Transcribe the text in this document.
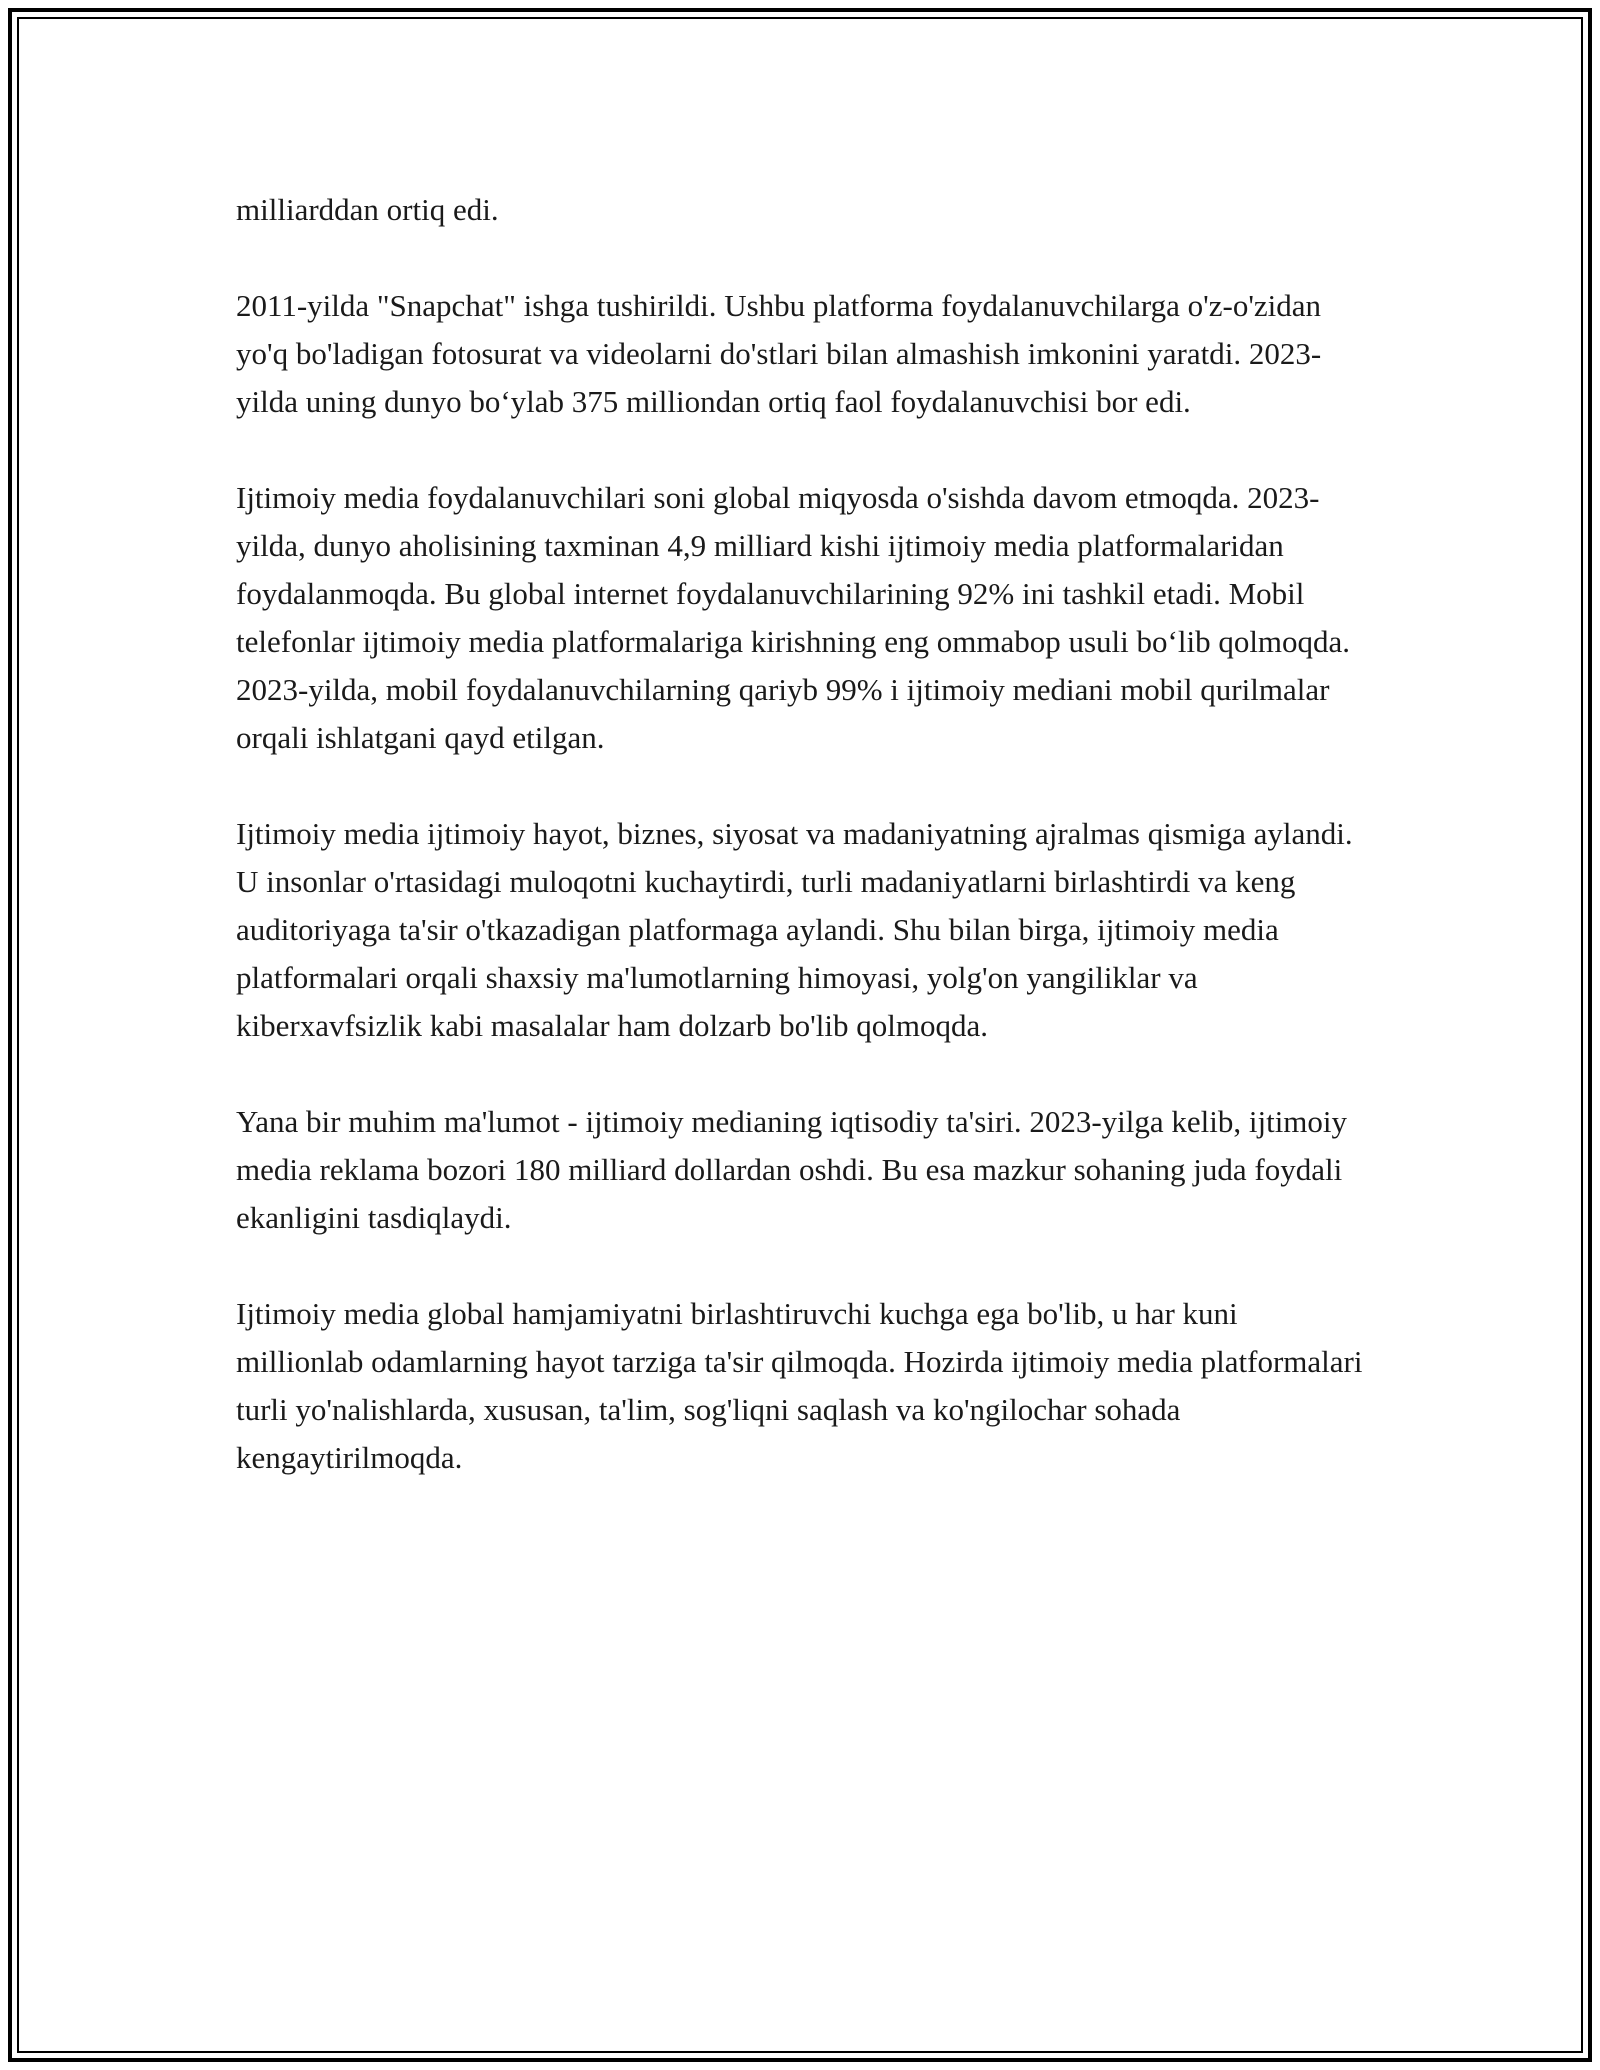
milliarddan ortiq edi.

2011-yilda "Snapchat" ishga tushirildi. Ushbu platforma foydalanuvchilarga o'z-o'zidan yo'q bo'ladigan fotosurat va videolarni do'stlari bilan almashish imkonini yaratdi. 2023-yilda uning dunyo bo‘ylab 375 milliondan ortiq faol foydalanuvchisi bor edi.

Ijtimoiy media foydalanuvchilari soni global miqyosda o'sishda davom etmoqda. 2023-yilda, dunyo aholisining taxminan 4,9 milliard kishi ijtimoiy media platformalaridan foydalanmoqda. Bu global internet foydalanuvchilarining 92% ini tashkil etadi. Mobil telefonlar ijtimoiy media platformalariga kirishning eng ommabop usuli bo‘lib qolmoqda. 2023-yilda, mobil foydalanuvchilarning qariyb 99% i ijtimoiy mediani mobil qurilmalar orqali ishlatgani qayd etilgan.

Ijtimoiy media ijtimoiy hayot, biznes, siyosat va madaniyatning ajralmas qismiga aylandi. U insonlar o'rtasidagi muloqotni kuchaytirdi, turli madaniyatlarni birlashtirdi va keng auditoriyaga ta'sir o'tkazadigan platformaga aylandi. Shu bilan birga, ijtimoiy media platformalari orqali shaxsiy ma'lumotlarning himoyasi, yolg'on yangiliklar va kiberxavfsizlik kabi masalalar ham dolzarb bo'lib qolmoqda.

Yana bir muhim ma'lumot - ijtimoiy medianing iqtisodiy ta'siri. 2023-yilga kelib, ijtimoiy media reklama bozori 180 milliard dollardan oshdi. Bu esa mazkur sohaning juda foydali ekanligini tasdiqlaydi.

Ijtimoiy media global hamjamiyatni birlashtiruvchi kuchga ega bo'lib, u har kuni millionlab odamlarning hayot tarziga ta'sir qilmoqda. Hozirda ijtimoiy media platformalari turli yo'nalishlarda, xususan, ta'lim, sog'liqni saqlash va ko'ngilochar sohada kengaytirilmoqda.
